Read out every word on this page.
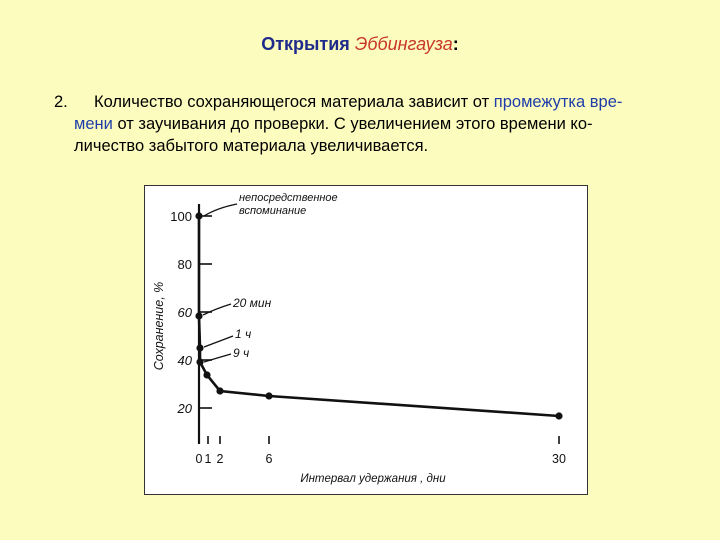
Открытия Эббингауза:
2. Количество сохраняющегося материала зависит от промежутка вре-
мени от заучивания до проверки. С увеличением этого времени ко-
личество забытого материала увеличивается.
20
40
60
80
100
0 1 2	6	30
Интервал удержания , дни
Сохранение, %
непосредственное
вспоминание
20 мин
1 ч
9 ч
